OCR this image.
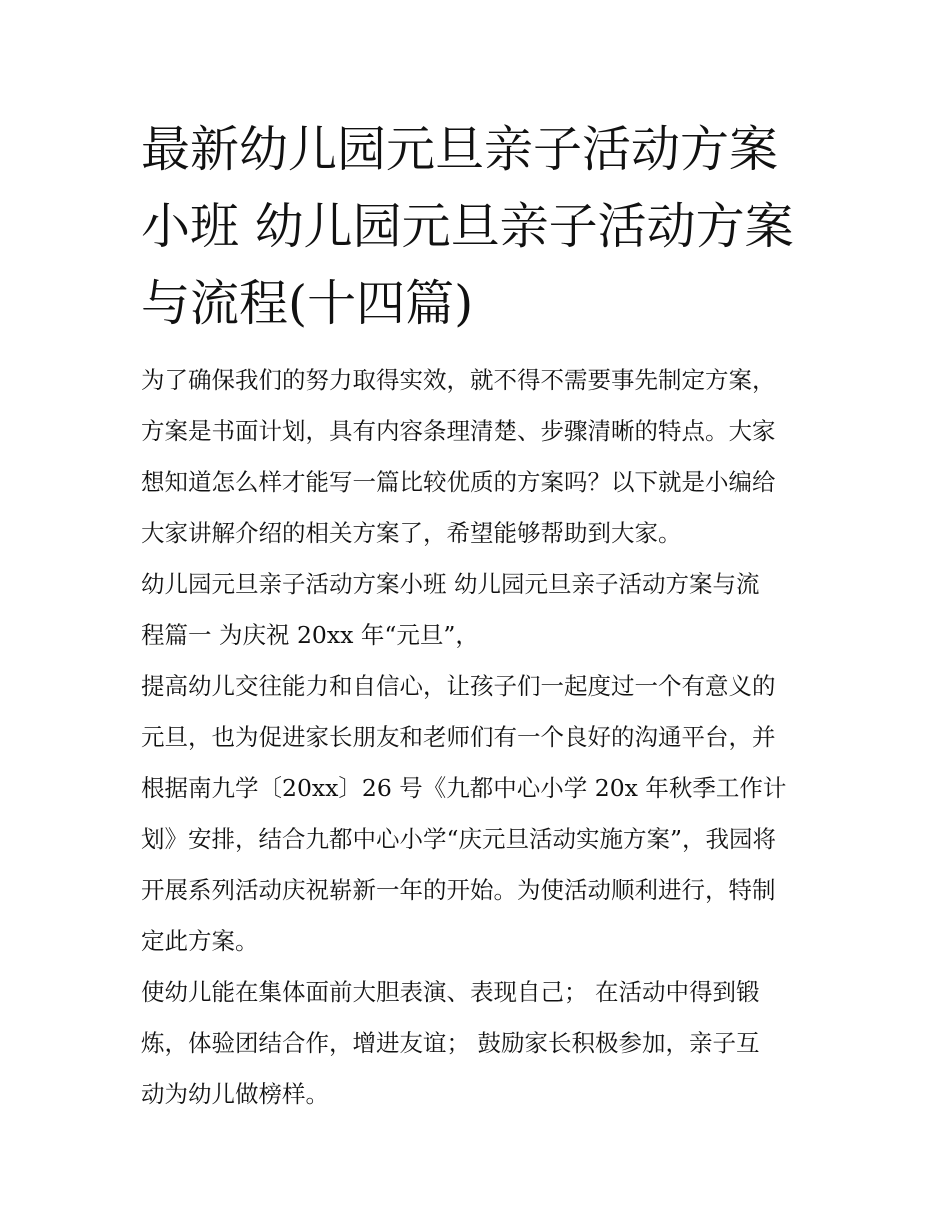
最新幼儿园元旦亲子活动方案
小班 幼儿园元旦亲子活动方案
与流程(十四篇)

为了确保我们的努力取得实效，就不得不需要事先制定方案，
方案是书面计划，具有内容条理清楚、步骤清晰的特点。大家
想知道怎么样才能写一篇比较优质的方案吗？以下就是小编给
大家讲解介绍的相关方案了，希望能够帮助到大家。

幼儿园元旦亲子活动方案小班 幼儿园元旦亲子活动方案与流
程篇一 为庆祝 20xx 年“元旦”，

提高幼儿交往能力和自信心，让孩子们一起度过一个有意义的
元旦，也为促进家长朋友和老师们有一个良好的沟通平台，并
根据南九学〔20xx〕26 号《九都中心小学 20x 年秋季工作计
划》安排，结合九都中心小学“庆元旦活动实施方案”，我园将
开展系列活动庆祝崭新一年的开始。为使活动顺利进行，特制
定此方案。

使幼儿能在集体面前大胆表演、表现自己； 在活动中得到锻
炼，体验团结合作，增进友谊； 鼓励家长积极参加，亲子互
动为幼儿做榜样。
